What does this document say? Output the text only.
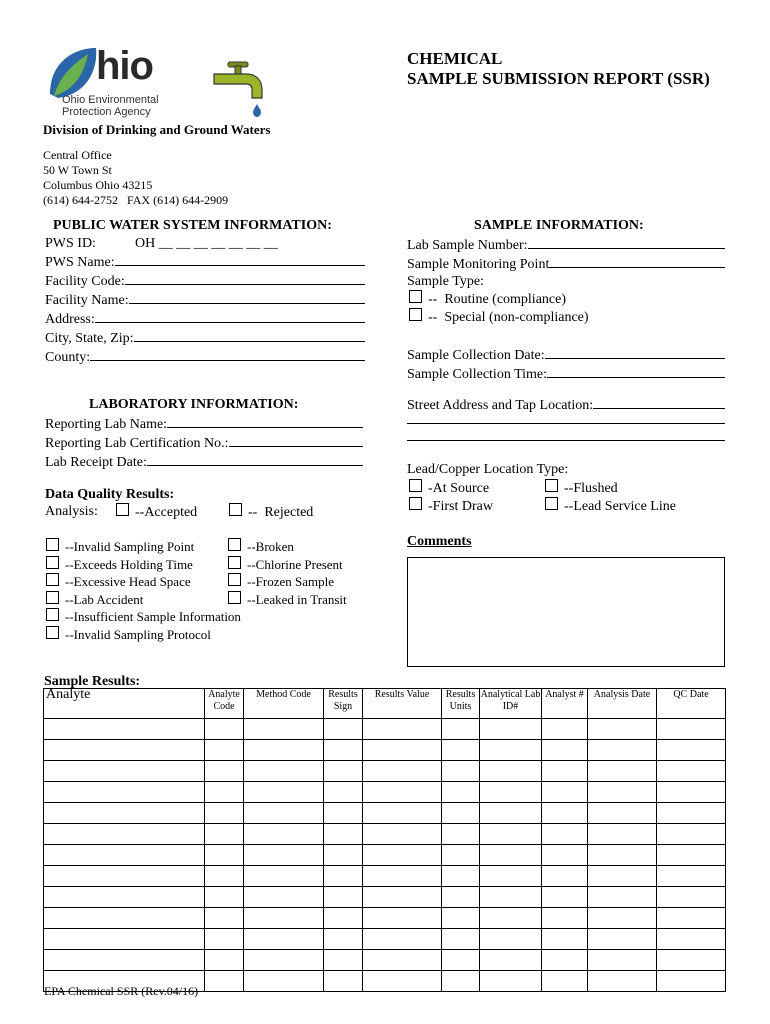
hio
Ohio Environmental
Protection Agency
CHEMICAL
SAMPLE SUBMISSION REPORT (SSR)
Division of Drinking and Ground Waters
Central Office
50 W Town St
Columbus Ohio 43215
(614) 644-2752   FAX (614) 644-2909
PUBLIC WATER SYSTEM INFORMATION:
PWS ID:	OH __ __ __ __ __ __ __
PWS Name:
Facility Code:
Facility Name:
Address:
City, State, Zip:
County:
SAMPLE INFORMATION:
Lab Sample Number:
Sample Monitoring Point
Sample Type:
--  Routine (compliance)
--  Special (non-compliance)
Sample Collection Date:
Sample Collection Time:
Street Address and Tap Location:
LABORATORY INFORMATION:
Reporting Lab Name:
Reporting Lab Certification No.:
Lab Receipt Date:	Lead/Copper Location Type:
-At Source	--Flushed
-First Draw	--Lead Service Line
Data Quality Results:
Analysis:	--Accepted	--  Rejected
--Invalid Sampling Point
--Exceeds Holding Time
--Excessive Head Space
--Lab Accident
--Insufficient Sample Information
--Invalid Sampling Protocol
--Broken
--Chlorine Present
--Frozen Sample
--Leaked in Transit
Comments
Sample Results:
Analyte	Analyte Code	Method Code	Results Sign	Results Value	Results Units	Analytical Lab ID#	Analyst #	Analysis Date	QC Date

EPA Chemical SSR (Rev.04/16)
